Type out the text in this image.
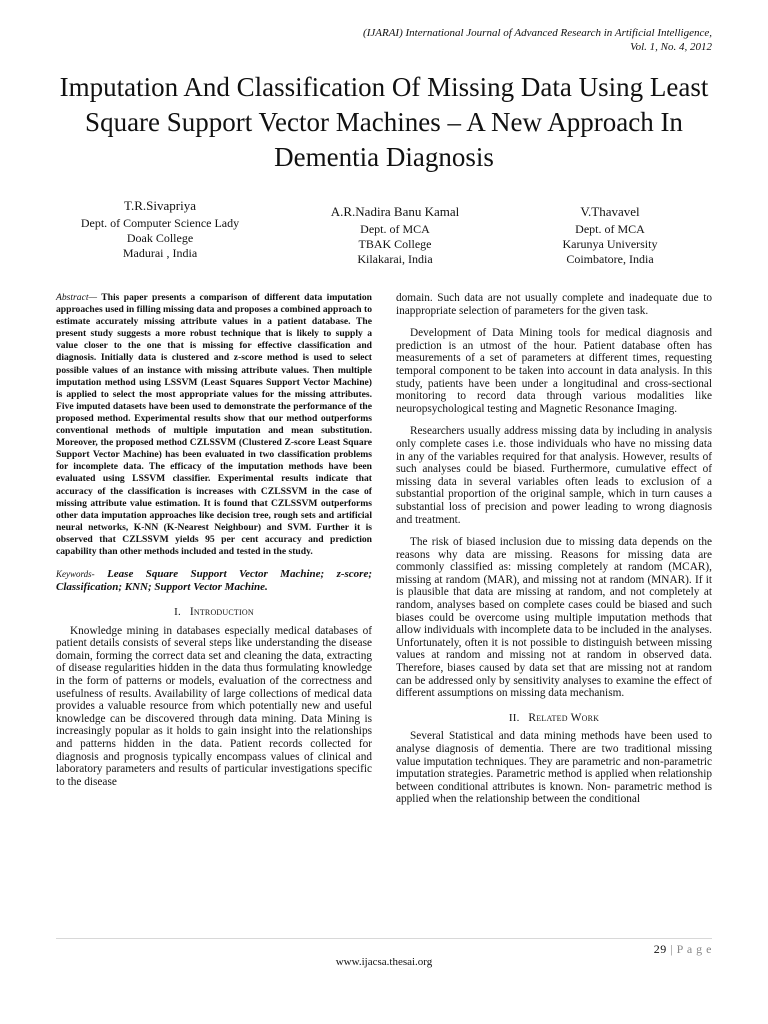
(IJARAI) International Journal of Advanced Research in Artificial Intelligence,
Vol. 1, No. 4, 2012
Imputation And Classification Of Missing Data Using Least Square Support Vector Machines – A New Approach In Dementia Diagnosis
T.R.Sivapriya
Dept. of Computer Science Lady
Doak College
Madurai , India
A.R.Nadira Banu Kamal
Dept. of MCA
TBAK College
Kilakarai, India
V.Thavavel
Dept. of MCA
Karunya University
Coimbatore, India

Abstract— This paper presents a comparison of different data imputation approaches used in filling missing data and proposes a combined approach to estimate accurately missing attribute values in a patient database. The present study suggests a more robust technique that is likely to supply a value closer to the one that is missing for effective classification and diagnosis. Initially data is clustered and z-score method is used to select possible values of an instance with missing attribute values. Then multiple imputation method using LSSVM (Least Squares Support Vector Machine) is applied to select the most appropriate values for the missing attributes. Five imputed datasets have been used to demonstrate the performance of the proposed method. Experimental results show that our method outperforms conventional methods of multiple imputation and mean substitution. Moreover, the proposed method CZLSSVM (Clustered Z-score Least Square Support Vector Machine) has been evaluated in two classification problems for incomplete data. The efficacy of the imputation methods have been evaluated using LSSVM classifier. Experimental results indicate that accuracy of the classification is increases with CZLSSVM in the case of missing attribute value estimation. It is found that CZLSSVM outperforms other data imputation approaches like decision tree, rough sets and artificial neural networks, K-NN (K-Nearest Neighbour) and SVM. Further it is observed that CZLSSVM yields 95 per cent accuracy and prediction capability than other methods included and tested in the study.

Keywords- Lease Square Support Vector Machine; z-score; Classification; KNN; Support Vector Machine.

I. Introduction

Knowledge mining in databases especially medical databases of patient details consists of several steps like understanding the disease domain, forming the correct data set and cleaning the data, extracting of disease regularities hidden in the data thus formulating knowledge in the form of patterns or models, evaluation of the correctness and usefulness of results. Availability of large collections of medical data provides a valuable resource from which potentially new and useful knowledge can be discovered through data mining. Data Mining is increasingly popular as it holds to gain insight into the relationships and patterns hidden in the data. Patient records collected for diagnosis and prognosis typically encompass values of clinical and laboratory parameters and results of particular investigations specific to the disease

domain. Such data are not usually complete and inadequate due to inappropriate selection of parameters for the given task.

Development of Data Mining tools for medical diagnosis and prediction is an utmost of the hour. Patient database often has measurements of a set of parameters at different times, requesting temporal component to be taken into account in data analysis. In this study, patients have been under a longitudinal and cross-sectional monitoring to record data through various modalities like neuropsychological testing and Magnetic Resonance Imaging.

Researchers usually address missing data by including in analysis only complete cases i.e. those individuals who have no missing data in any of the variables required for that analysis. However, results of such analyses could be biased. Furthermore, cumulative effect of missing data in several variables often leads to exclusion of a substantial proportion of the original sample, which in turn causes a substantial loss of precision and power leading to wrong diagnosis and treatment.

The risk of biased inclusion due to missing data depends on the reasons why data are missing. Reasons for missing data are commonly classified as: missing completely at random (MCAR), missing at random (MAR), and missing not at random (MNAR). If it is plausible that data are missing at random, and not completely at random, analyses based on complete cases could be biased and such biases could be overcome using multiple imputation methods that allow individuals with incomplete data to be included in the analyses. Unfortunately, often it is not possible to distinguish between missing values at random and missing not at random in observed data. Therefore, biases caused by data set that are missing not at random can be addressed only by sensitivity analyses to examine the effect of different assumptions on missing data mechanism.

II. Related Work

Several Statistical and data mining methods have been used to analyse diagnosis of dementia. There are two traditional missing value imputation techniques. They are parametric and non-parametric imputation strategies. Parametric method is applied when relationship between conditional attributes is known. Non- parametric method is applied when the relationship between the conditional

29 | P a g e
www.ijacsa.thesai.org
